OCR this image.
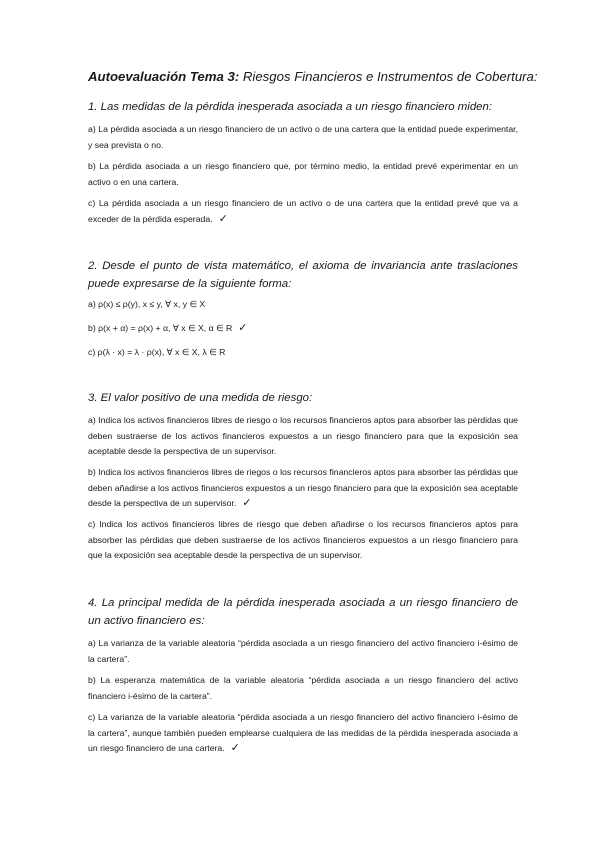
Autoevaluación Tema 3: Riesgos Financieros e Instrumentos de Cobertura:
1. Las medidas de la pérdida inesperada asociada a un riesgo financiero miden:
a) La pérdida asociada a un riesgo financiero de un activo o de una cartera que la entidad puede experimentar, y sea prevista o no.
b) La pérdida asociada a un riesgo financiero que, por término medio, la entidad prevé experimentar en un activo o en una cartera.
c) La pérdida asociada a un riesgo financiero de un activo o de una cartera que la entidad prevé que va a exceder de la pérdida esperada. ✓
2. Desde el punto de vista matemático, el axioma de invariancia ante traslaciones puede expresarse de la siguiente forma:
a) ρ(x) ≤ ρ(y), x ≤ y, ∀ x, y ∈ X
b) ρ(x + α) = ρ(x) + α, ∀ x ∈ X, α ∈ R ✓
c) ρ(λ · x) = λ · ρ(x), ∀ x ∈ X, λ ∈ R
3. El valor positivo de una medida de riesgo:
a) Indica los activos financieros libres de riesgo o los recursos financieros aptos para absorber las pérdidas que deben sustraerse de los activos financieros expuestos a un riesgo financiero para que la exposición sea aceptable desde la perspectiva de un supervisor.
b) Indica los activos financieros libres de riegos o los recursos financieros aptos para absorber las pérdidas que deben añadirse a los activos financieros expuestos a un riesgo financiero para que la exposición sea aceptable desde la perspectiva de un supervisor. ✓
c) Indica los activos financieros libres de riesgo que deben añadirse o los recursos financieros aptos para absorber las pérdidas que deben sustraerse de los activos financieros expuestos a un riesgo financiero para que la exposición sea aceptable desde la perspectiva de un supervisor.
4. La principal medida de la pérdida inesperada asociada a un riesgo financiero de un activo financiero es:
a) La varianza de la variable aleatoria “pérdida asociada a un riesgo financiero del activo financiero i-ésimo de la cartera”.
b) La esperanza matemática de la variable aleatoria “pérdida asociada a un riesgo financiero del activo financiero i-ésimo de la cartera”.
c) La varianza de la variable aleatoria “pérdida asociada a un riesgo financiero del activo financiero i-ésimo de la cartera”, aunque también pueden emplearse cualquiera de las medidas de la pérdida inesperada asociada a un riesgo financiero de una cartera. ✓
